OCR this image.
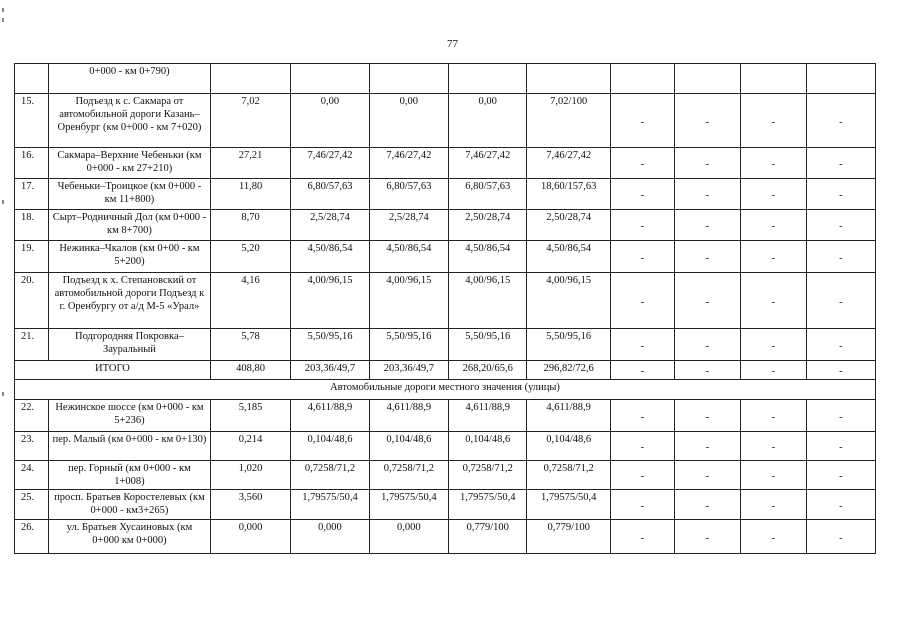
77
	0+000 - км 0+790)									
15.	Подъезд к с. Сакмара от автомобильной дороги Казань–Оренбург (км 0+000 - км 7+020)	7,02	0,00	0,00	0,00	7,02/100	-	-	-	-
16.	Сакмара–Верхние Чебеньки (км 0+000 - км 27+210)	27,21	7,46/27,42	7,46/27,42	7,46/27,42	7,46/27,42	-	-	-	-
17.	Чебеньки–Троицкое (км 0+000 - км 11+800)	11,80	6,80/57,63	6,80/57,63	6,80/57,63	18,60/157,63	-	-	-	-
18.	Сырт–Родничный Дол (км 0+000 - км 8+700)	8,70	2,5/28,74	2,5/28,74	2,50/28,74	2,50/28,74	-	-	-	-
19.	Нежинка–Чкалов (км 0+00 - км 5+200)	5,20	4,50/86,54	4,50/86,54	4,50/86,54	4,50/86,54	-	-	-	-
20.	Подъезд к х. Степановский от автомобильной дороги Подъезд к г. Оренбургу от а/д М-5 «Урал»	4,16	4,00/96,15	4,00/96,15	4,00/96,15	4,00/96,15	-	-	-	-
21.	Подгородняя Покровка– Зауральный	5,78	5,50/95,16	5,50/95,16	5,50/95,16	5,50/95,16	-	-	-	-
ИТОГО		408,80	203,36/49,7	203,36/49,7	268,20/65,6	296,82/72,6	-	-	-	-
Автомобильные дороги местного значения (улицы)										
22.	Нежинское шоссе (км 0+000 - км 5+236)	5,185	4,611/88,9	4,611/88,9	4,611/88,9	4,611/88,9	-	-	-	-
23.	пер. Малый (км 0+000 - км 0+130)	0,214	0,104/48,6	0,104/48,6	0,104/48,6	0,104/48,6	-	-	-	-
24.	пер. Горный (км 0+000 - км 1+008)	1,020	0,7258/71,2	0,7258/71,2	0,7258/71,2	0,7258/71,2	-	-	-	-
25.	просп. Братьев Коростелевых (км 0+000 - км3+265)	3,560	1,79575/50,4	1,79575/50,4	1,79575/50,4	1,79575/50,4	-	-	-	-
26.	ул. Братьев Хусаиновых (км 0+000 км 0+000)	0,000	0,000	0,000	0,779/100	0,779/100	-	-	-	-
